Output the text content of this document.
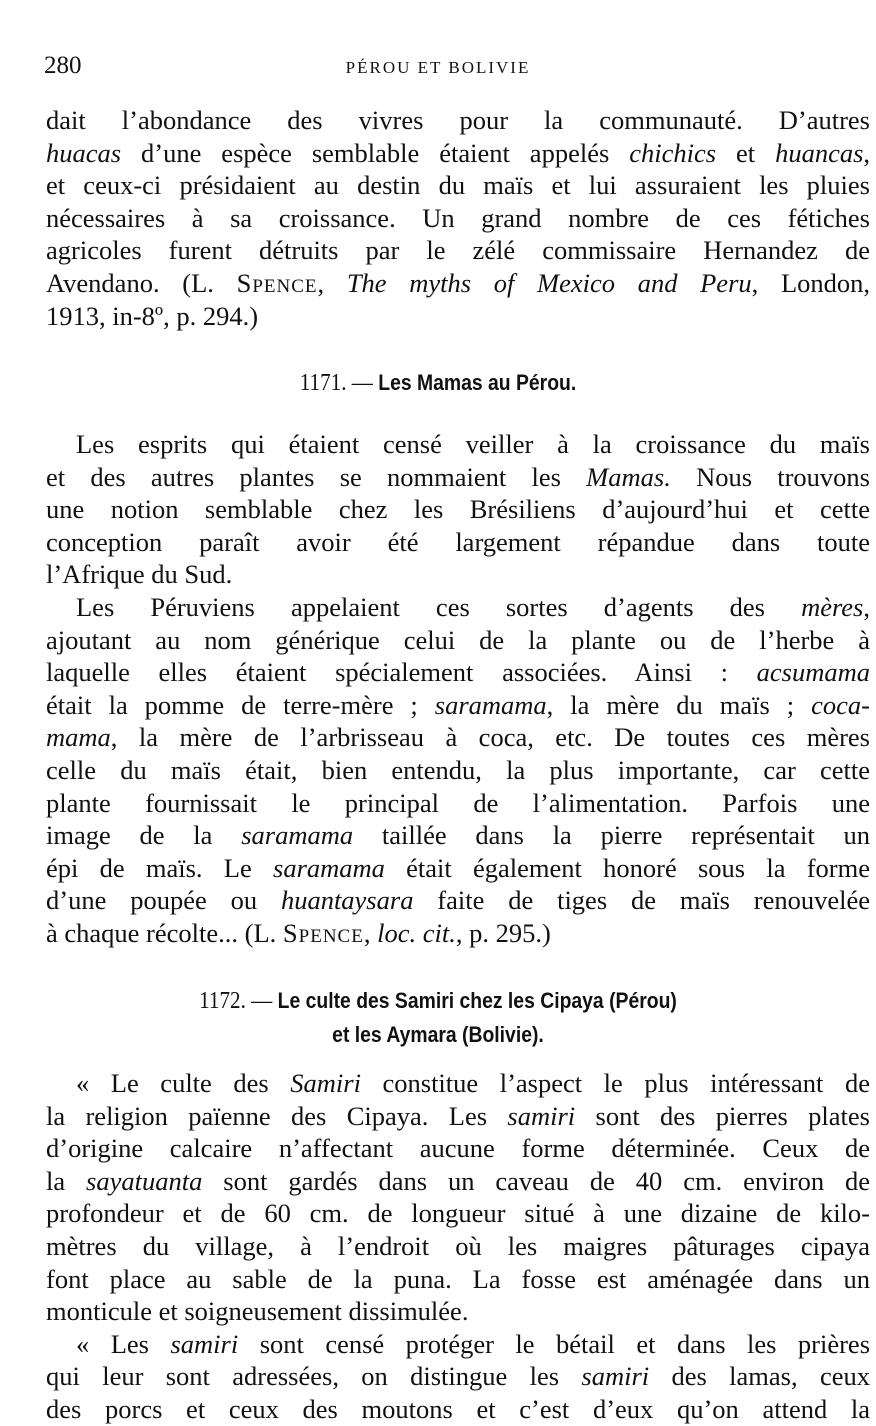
280	PÉROU ET BOLIVIE
dait l’abondance des vivres pour la communauté. D’autres
huacas d’une espèce semblable étaient appelés chichics et huancas,
et ceux-ci présidaient au destin du maïs et lui assuraient les pluies
nécessaires à sa croissance. Un grand nombre de ces fétiches
agricoles furent détruits par le zélé commissaire Hernandez de
Avendano. (L. Spence, The myths of Mexico and Peru, London,
1913, in-8º, p. 294.)
1171. — Les Mamas au Pérou.
Les esprits qui étaient censé veiller à la croissance du maïs
et des autres plantes se nommaient les Mamas. Nous trouvons
une notion semblable chez les Brésiliens d’aujourd’hui et cette
conception paraît avoir été largement répandue dans toute
l’Afrique du Sud.
Les Péruviens appelaient ces sortes d’agents des mères,
ajoutant au nom générique celui de la plante ou de l’herbe à
laquelle elles étaient spécialement associées. Ainsi : acsumama
était la pomme de terre-mère ; saramama, la mère du maïs ; coca-
mama, la mère de l’arbrisseau à coca, etc. De toutes ces mères
celle du maïs était, bien entendu, la plus importante, car cette
plante fournissait le principal de l’alimentation. Parfois une
image de la saramama taillée dans la pierre représentait un
épi de maïs. Le saramama était également honoré sous la forme
d’une poupée ou huantaysara faite de tiges de maïs renouvelée
à chaque récolte... (L. Spence, loc. cit., p. 295.)
1172. — Le culte des Samiri chez les Cipaya (Pérou)
et les Aymara (Bolivie).
« Le culte des Samiri constitue l’aspect le plus intéressant de
la religion païenne des Cipaya. Les samiri sont des pierres plates
d’origine calcaire n’affectant aucune forme déterminée. Ceux de
la sayatuanta sont gardés dans un caveau de 40 cm. environ de
profondeur et de 60 cm. de longueur situé à une dizaine de kilo-
mètres du village, à l’endroit où les maigres pâturages cipaya
font place au sable de la puna. La fosse est aménagée dans un
monticule et soigneusement dissimulée.
« Les samiri sont censé protéger le bétail et dans les prières
qui leur sont adressées, on distingue les samiri des lamas, ceux
des porcs et ceux des moutons et c’est d’eux qu’on attend la
